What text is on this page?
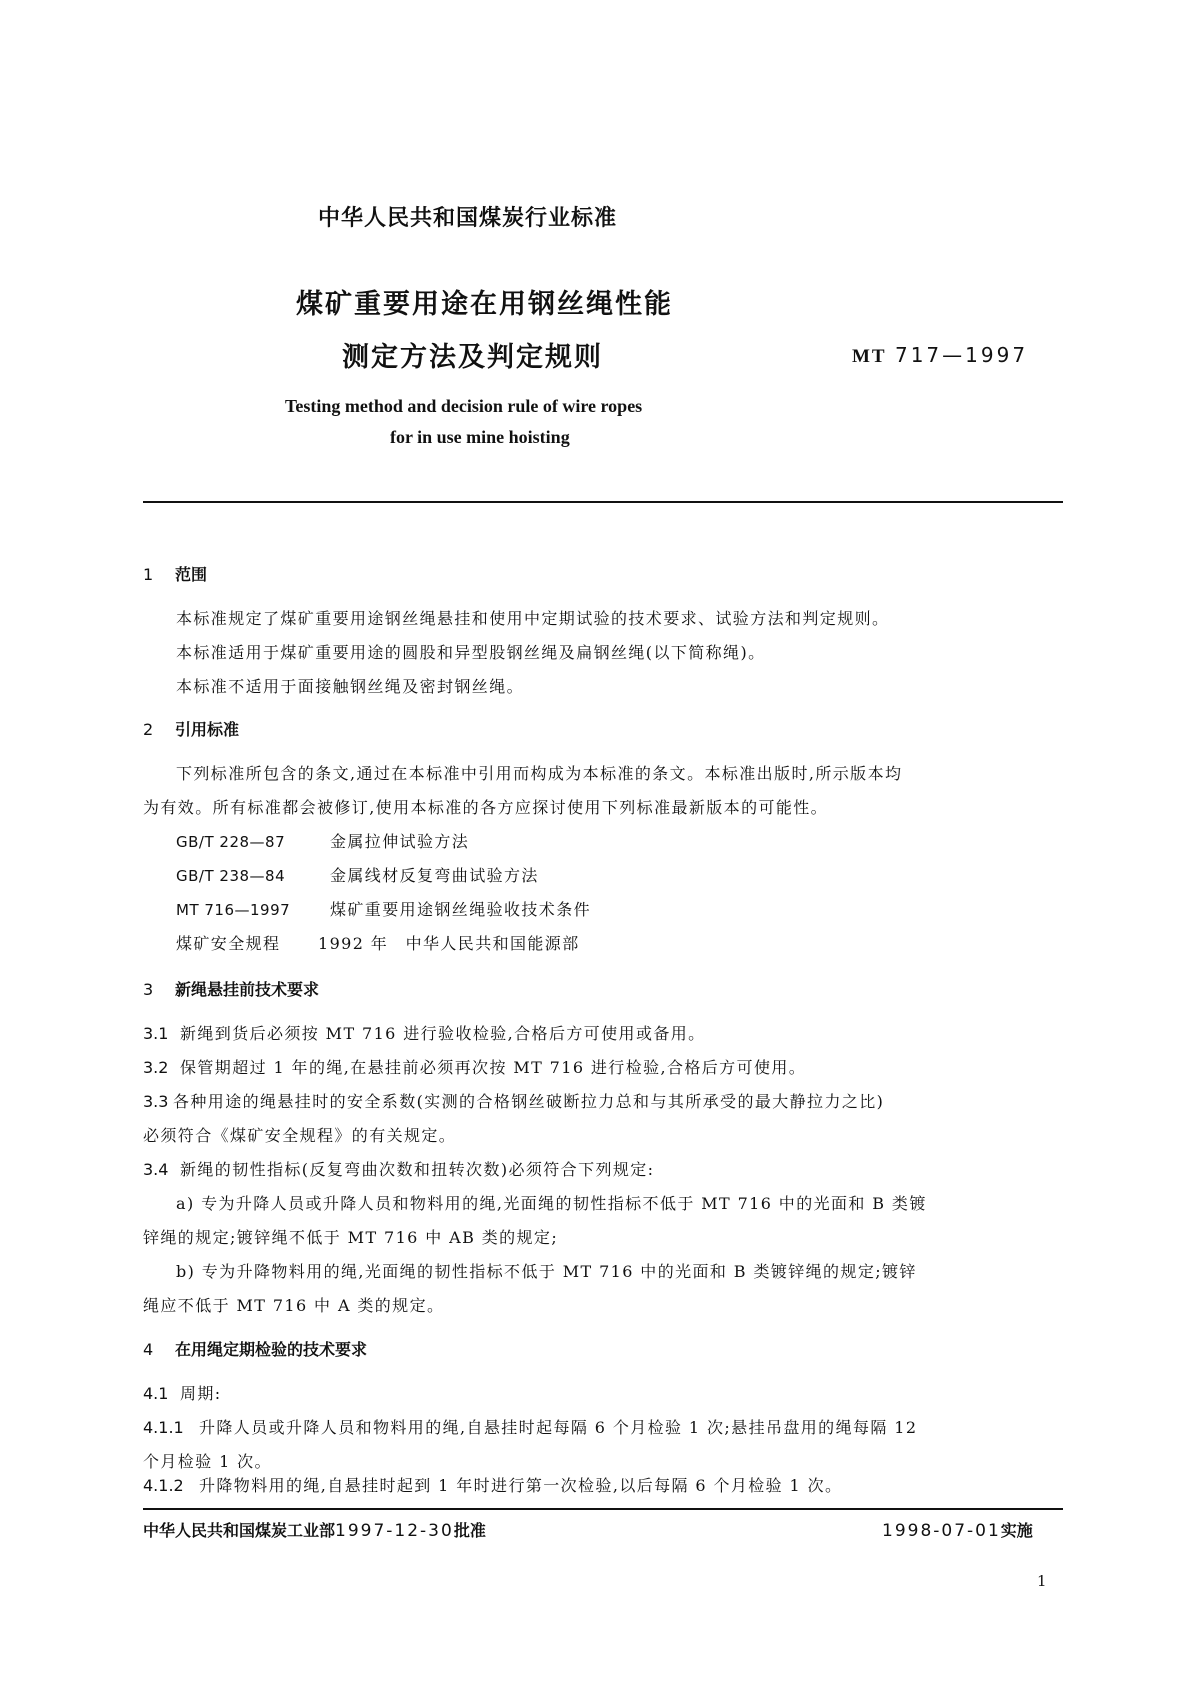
中华人民共和国煤炭行业标准
煤矿重要用途在用钢丝绳性能
测定方法及判定规则	MT 717—1997
Testing method and decision rule of wire ropes
for in use mine hoisting
1 范围
本标准规定了煤矿重要用途钢丝绳悬挂和使用中定期试验的技术要求、试验方法和判定规则。
本标准适用于煤矿重要用途的圆股和异型股钢丝绳及扁钢丝绳(以下简称绳)。
本标准不适用于面接触钢丝绳及密封钢丝绳。
2 引用标准
下列标准所包含的条文,通过在本标准中引用而构成为本标准的条文。本标准出版时,所示版本均
为有效。所有标准都会被修订,使用本标准的各方应探讨使用下列标准最新版本的可能性。
GB/T 228—87	金属拉伸试验方法
GB/T 238—84	金属线材反复弯曲试验方法
MT 716—1997 煤矿重要用途钢丝绳验收技术条件
煤矿安全规程 1992 年　中华人民共和国能源部
3 新绳悬挂前技术要求
3.1 新绳到货后必须按 MT 716 进行验收检验,合格后方可使用或备用。
3.2 保管期超过 1 年的绳,在悬挂前必须再次按 MT 716 进行检验,合格后方可使用。
3.3 各种用途的绳悬挂时的安全系数(实测的合格钢丝破断拉力总和与其所承受的最大静拉力之比)
必须符合《煤矿安全规程》的有关规定。
3.4 新绳的韧性指标(反复弯曲次数和扭转次数)必须符合下列规定:
a) 专为升降人员或升降人员和物料用的绳,光面绳的韧性指标不低于 MT 716 中的光面和 B 类镀
锌绳的规定;镀锌绳不低于 MT 716 中 AB 类的规定;
b) 专为升降物料用的绳,光面绳的韧性指标不低于 MT 716 中的光面和 B 类镀锌绳的规定;镀锌
绳应不低于 MT 716 中 A 类的规定。
4 在用绳定期检验的技术要求
4.1 周期:
4.1.1 升降人员或升降人员和物料用的绳,自悬挂时起每隔 6 个月检验 1 次;悬挂吊盘用的绳每隔 12
个月检验 1 次。
4.1.2 升降物料用的绳,自悬挂时起到 1 年时进行第一次检验,以后每隔 6 个月检验 1 次。
中华人民共和国煤炭工业部1997-12-30批准	1998-07-01实施
1
